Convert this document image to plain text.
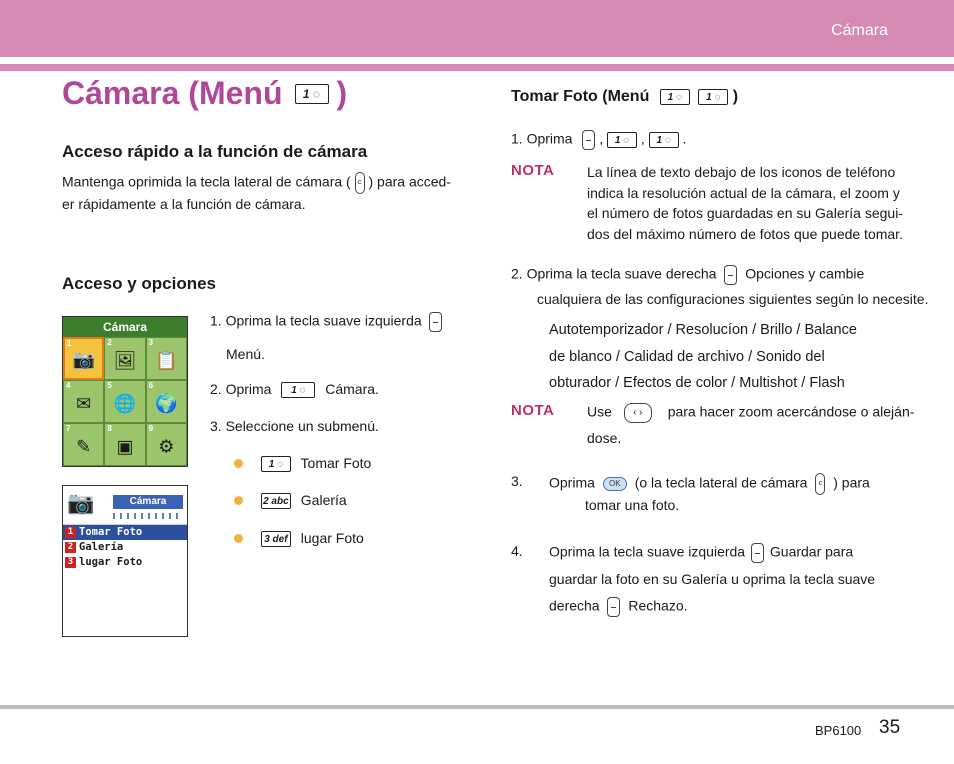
Cámara
Cámara (Menú	1 ◌ )
Acceso rápido a la función de cámara
Mantenga oprimida la tecla lateral de cámara ( c ) para acced-
er rápidamente a la función de cámara.
Acceso y opciones
1. Oprima la tecla suave izquierda
Menú.
2. Oprima 1 ◌ Cámara.
3. Seleccione un submenú.
1 ◌ Tomar Foto
2 abc Galería
3 def lugar Foto
Cámara
1
📷
2
🖼
3
📋
4
✉
5
🌐
6
🌍
7
✎
8
▣
9
⚙
📷	Cámara
1 Tomar Foto
2 Galería
3 lugar Foto
Tomar Foto (Menú 1 ◌ 1 ◌ )
1. Oprima  , 1 ◌ , 1 ◌ .
NOTA La línea de texto debajo de los iconos de teléfono
indica la resolución actual de la cámara, el zoom y
el número de fotos guardadas en su Galería segui-
dos del máximo número de fotos que puede tomar.
2. Oprima la tecla suave derecha Opciones y cambie
cualquiera de las configuraciones siguientes según lo necesite.
Autotemporizador / Resolucíon / Brillo / Balance
de blanco / Calidad de archivo / Sonido del
obturador / Efectos de color / Multishot / Flash
NOTA Use ‹ › para hacer zoom acercándose o aleján-
dose.
3. Oprima OK (o la tecla lateral de cámara c ) para
tomar una foto.
4. Oprima la tecla suave izquierda Guardar para
guardar la foto en su Galería u oprima la tecla suave
derecha Rechazo.
BP6100 35
